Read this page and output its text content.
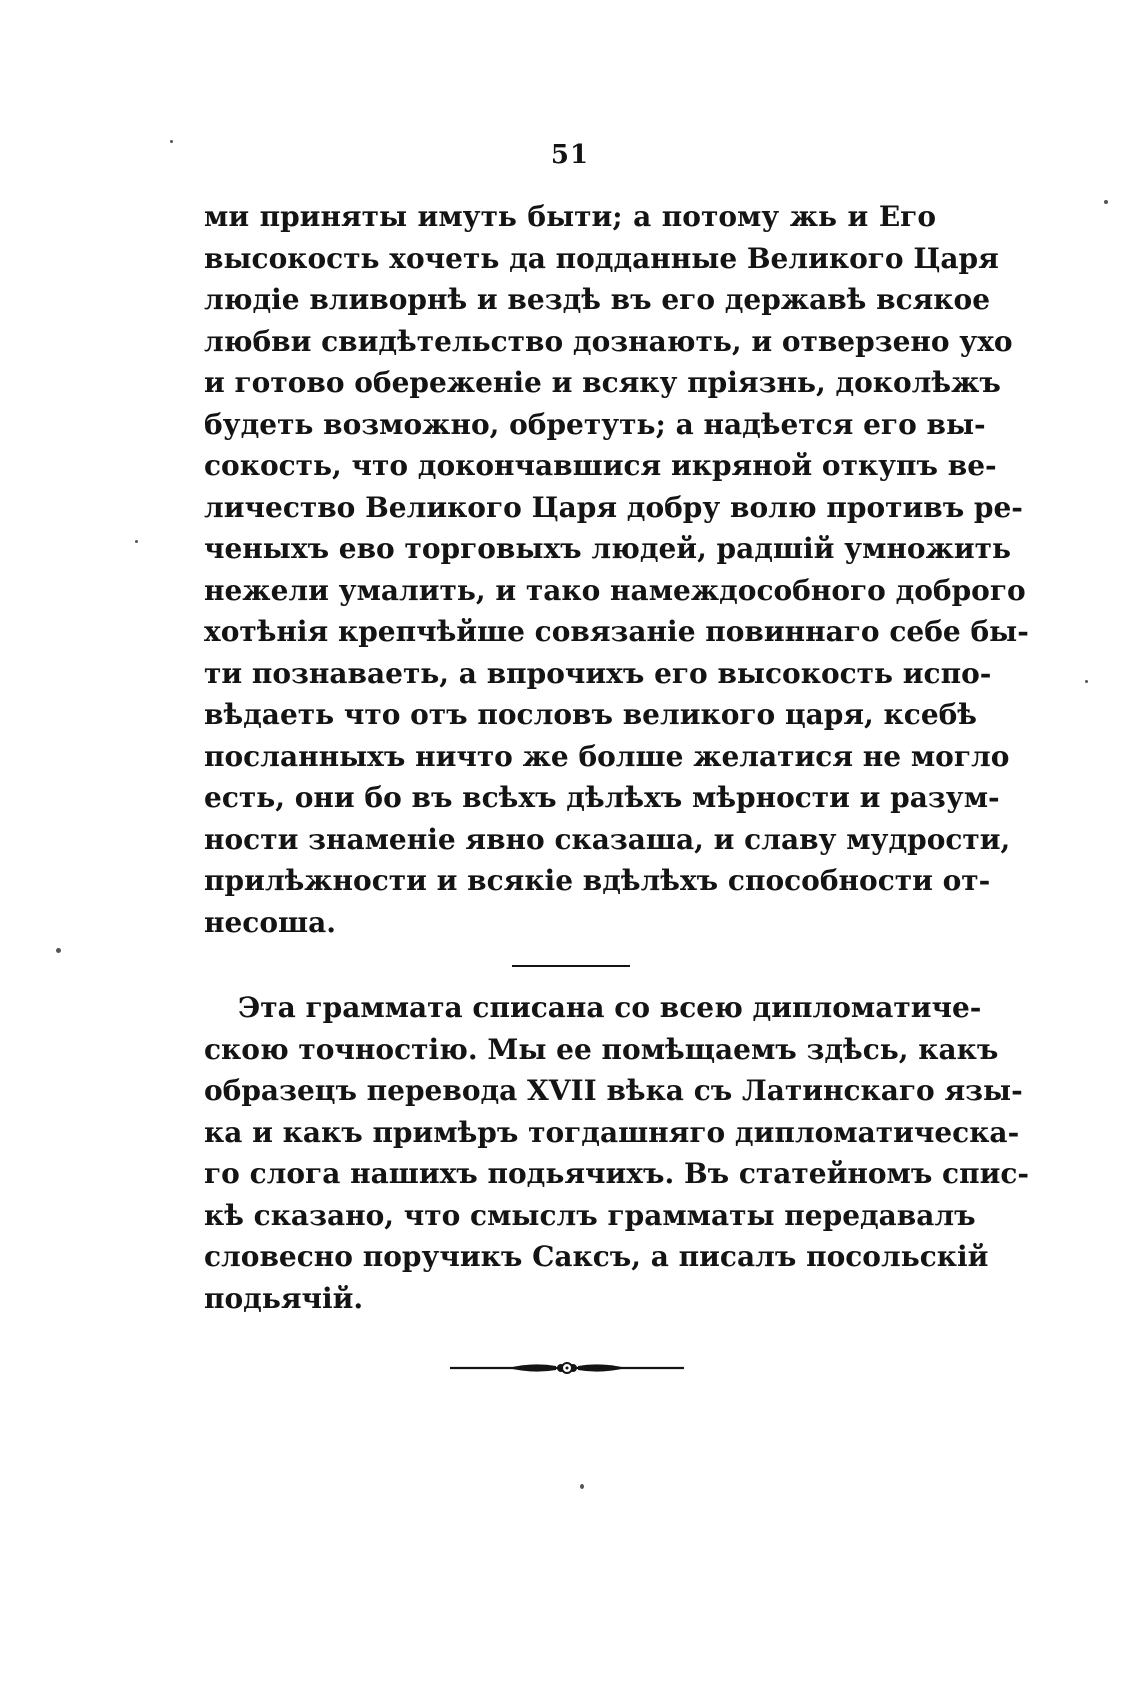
51
ми приняты имуть быти; а потому жь и Его
высокость хочеть да подданные Великого Царя
людіе вливорнѣ и вездѣ въ его державѣ всякое
любви свидѣтельство дознають, и отверзено ухо
и готово обереженіе и всяку пріязнь, доколѣжъ
будеть возможно, обретуть; а надѣется его вы-
сокость, что докончавшися икряной откупъ ве-
личество Великого Царя добру волю противъ ре-
ченыхъ ево торговыхъ людей, радшій умножить
нежели умалить, и тако намеждособного доброго
хотѣнія крепчѣйше совязаніе повиннаго себе бы-
ти познаваеть, а впрочихъ его высокость испо-
вѣдаеть что отъ пословъ великого царя, ксебѣ
посланныхъ ничто же болше желатися не могло
есть, они бо въ всѣхъ дѣлѣхъ мѣрности и разум-
ности знаменіе явно сказаша, и славу мудрости,
прилѣжности и всякіе вдѣлѣхъ способности от-
несоша.
Эта граммата списана со всею дипломатиче-
скою точностію. Мы ее помѣщаемъ здѣсь, какъ
образецъ перевода XVII вѣка съ Латинскаго язы-
ка и какъ примѣръ тогдашняго дипломатическа-
го слога нашихъ подьячихъ. Въ статейномъ спис-
кѣ сказано, что смыслъ грамматы передавалъ
словесно поручикъ Саксъ, а писалъ посольскій
подьячій.
